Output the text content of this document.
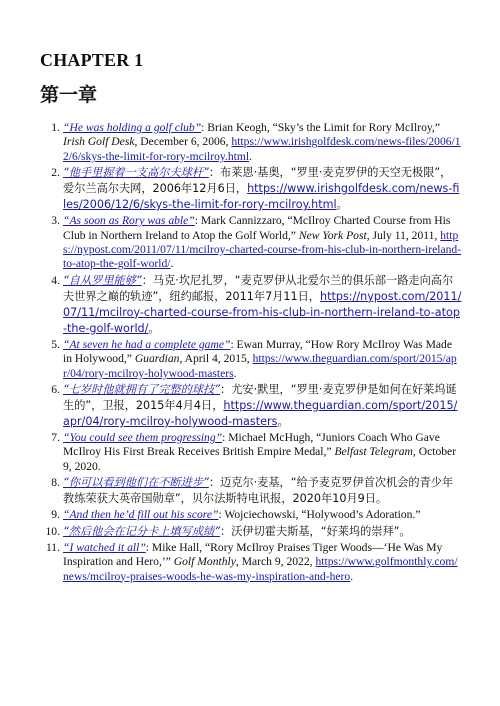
CHAPTER 1
第一章
1. “He was holding a golf club”: Brian Keogh, “Sky’s the Limit for Rory McIlroy,” Irish Golf Desk, December 6, 2006, https://www.irishgolfdesk.com/news-files/2006/12/6/skys-the-limit-for-rory-mcilroy.html.
2. “他手里握着一支高尔夫球杆”：布莱恩·基奥，“罗里·麦克罗伊的天空无极限”，爱尔兰高尔夫网，2006年12月6日，https://www.irishgolfdesk.com/news-files/2006/12/6/skys-the-limit-for-rory-mcilroy.html。
3. “As soon as Rory was able”: Mark Cannizzaro, “McIlroy Charted Course from His Club in Northern Ireland to Atop the Golf World,” New York Post, July 11, 2011, https://nypost.com/2011/07/11/mcilroy-charted-course-from-his-club-in-northern-ireland-to-atop-the-golf-world/.
4. “自从罗里能够”：马克·坎尼扎罗，“麦克罗伊从北爱尔兰的俱乐部一路走向高尔夫世界之巅的轨迹”，纽约邮报，2011年7月11日，https://nypost.com/2011/07/11/mcilroy-charted-course-from-his-club-in-northern-ireland-to-atop-the-golf-world/。
5. “At seven he had a complete game”: Ewan Murray, “How Rory McIlroy Was Made in Holywood,” Guardian, April 4, 2015, https://www.theguardian.com/sport/2015/apr/04/rory-mcilroy-holywood-masters.
6. “七岁时他就拥有了完整的球技”：尤安·默里，“罗里·麦克罗伊是如何在好莱坞诞生的”，卫报，2015年4月4日，https://www.theguardian.com/sport/2015/apr/04/rory-mcilroy-holywood-masters。
7. “You could see them progressing”: Michael McHugh, “Juniors Coach Who Gave McIlroy His First Break Receives British Empire Medal,” Belfast Telegram, October 9, 2020.
8. “你可以看到他们在不断进步”：迈克尔·麦基，“给予麦克罗伊首次机会的青少年教练荣获大英帝国勋章”，贝尔法斯特电讯报，2020年10月9日。
9. “And then he’d fill out his score”: Wojciechowski, “Holywood’s Adoration.”
10. “然后他会在记分卡上填写成绩”：沃伊切霍夫斯基，“好莱坞的崇拜”。
11. “I watched it all”: Mike Hall, “Rory McIlroy Praises Tiger Woods—‘He Was My Inspiration and Hero,’” Golf Monthly, March 9, 2022, https://www.golfmonthly.com/news/mcilroy-praises-woods-he-was-my-inspiration-and-hero.
